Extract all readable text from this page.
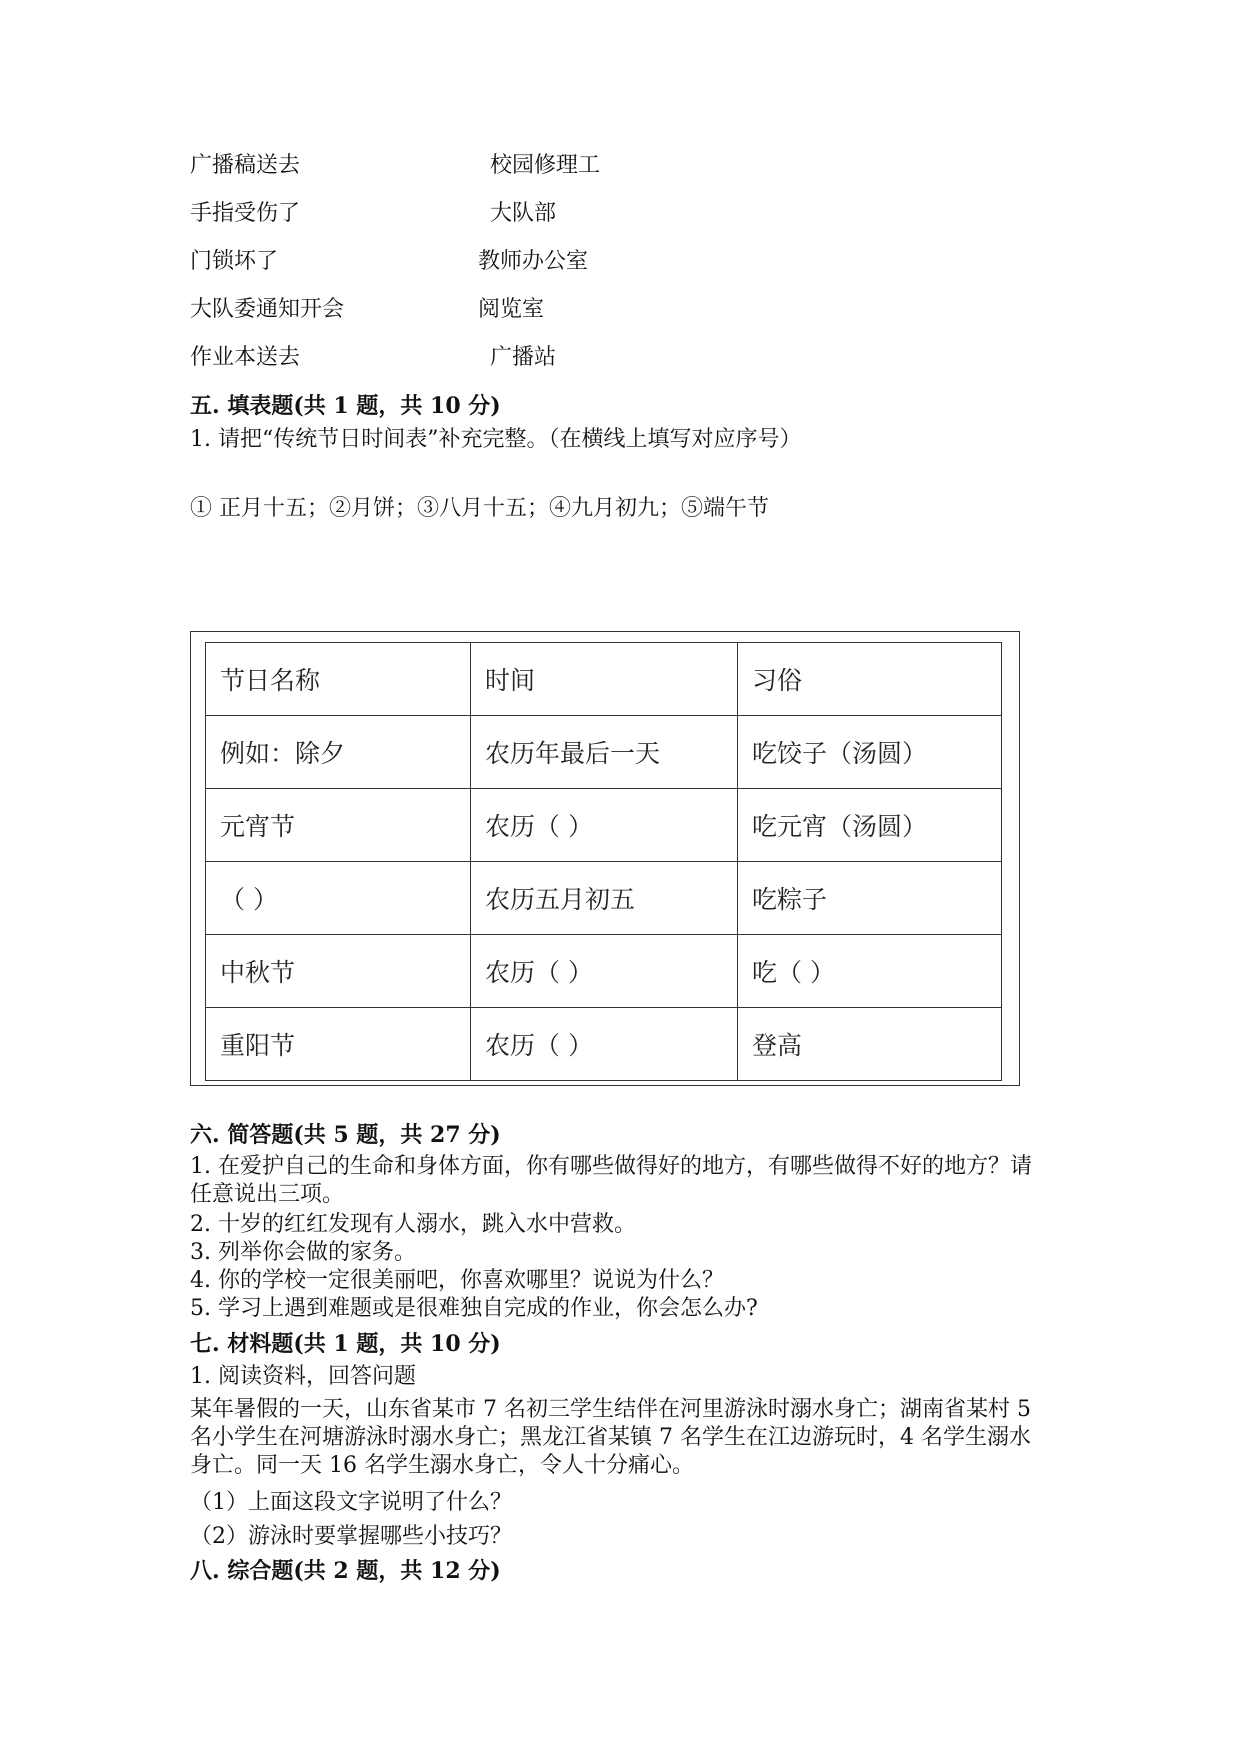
广播稿送去	校园修理工
手指受伤了	大队部
门锁坏了	教师办公室
大队委通知开会	阅览室
作业本送去	广播站
五. 填表题(共 1 题，共 10 分)
1. 请把“传统节日时间表”补充完整。（在横线上填写对应序号）
① 正月十五；②月饼；③八月十五；④九月初九；⑤端午节
节日名称	时间	习俗
例如：除夕	农历年最后一天	吃饺子（汤圆）
元宵节	农历（ ）	吃元宵（汤圆）
（ ）	农历五月初五	吃粽子
中秋节	农历（ ）	吃（ ）
重阳节	农历（ ）	登高
六. 简答题(共 5 题，共 27 分)
1. 在爱护自己的生命和身体方面，你有哪些做得好的地方，有哪些做得不好的地方？请任意说出三项。
2. 十岁的红红发现有人溺水，跳入水中营救。
3. 列举你会做的家务。
4. 你的学校一定很美丽吧，你喜欢哪里？说说为什么？
5. 学习上遇到难题或是很难独自完成的作业，你会怎么办?
七. 材料题(共 1 题，共 10 分)
1. 阅读资料，回答问题
某年暑假的一天，山东省某市 7 名初三学生结伴在河里游泳时溺水身亡；湖南省某村 5 名小学生在河塘游泳时溺水身亡；黑龙江省某镇 7 名学生在江边游玩时，4 名学生溺水身亡。同一天 16 名学生溺水身亡，令人十分痛心。
（1）上面这段文字说明了什么？
（2）游泳时要掌握哪些小技巧？
八. 综合题(共 2 题，共 12 分)
